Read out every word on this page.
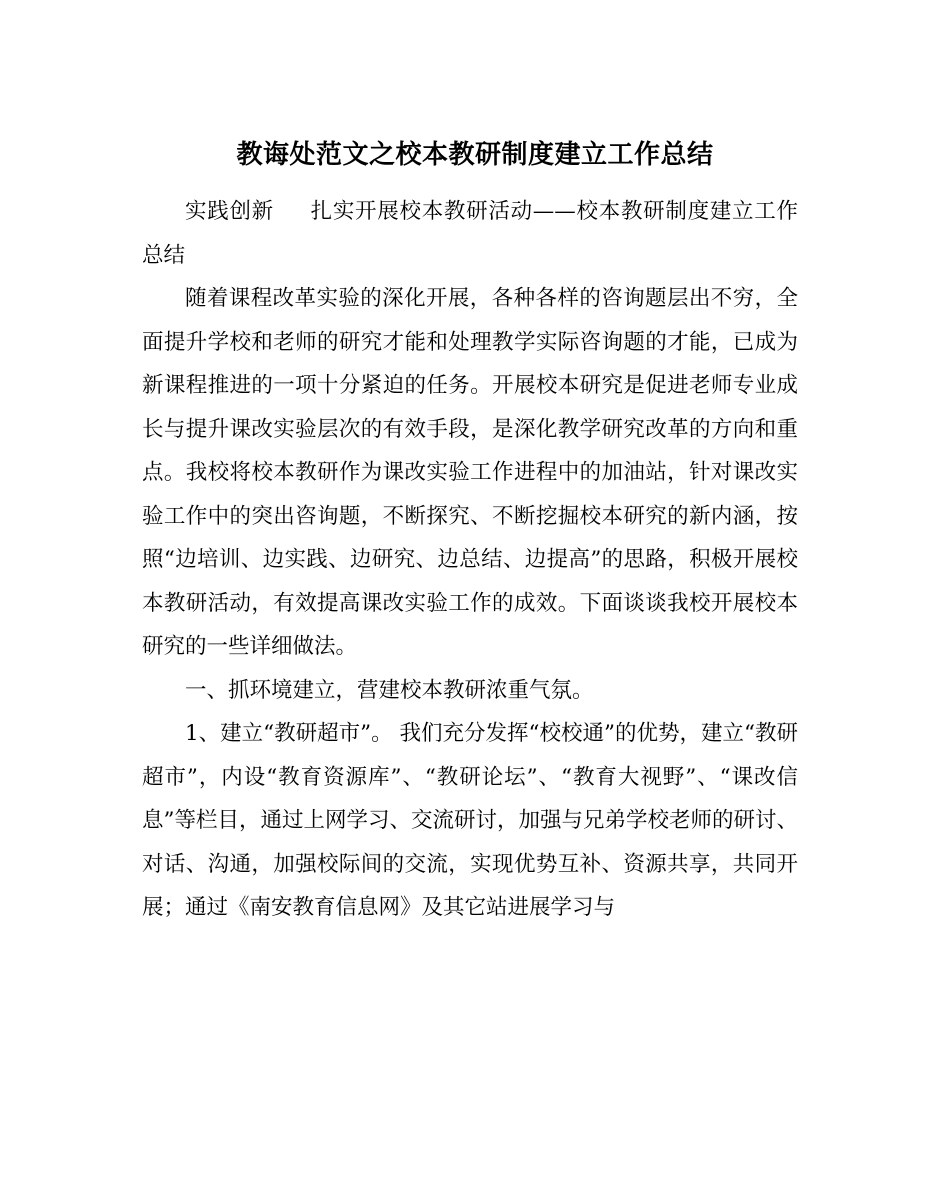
教诲处范文之校本教研制度建立工作总结

实践创新 扎实开展校本教研活动——校本教研制度建立工作总结

随着课程改革实验的深化开展，各种各样的咨询题层出不穷，全面提升学校和老师的研究才能和处理教学实际咨询题的才能，已成为新课程推进的一项十分紧迫的任务。开展校本研究是促进老师专业成长与提升课改实验层次的有效手段，是深化教学研究改革的方向和重点。我校将校本教研作为课改实验工作进程中的加油站，针对课改实验工作中的突出咨询题，不断探究、不断挖掘校本研究的新内涵，按照“边培训、边实践、边研究、边总结、边提高”的思路，积极开展校本教研活动，有效提高课改实验工作的成效。下面谈谈我校开展校本研究的一些详细做法。

一、抓环境建立，营建校本教研浓重气氛。

1、建立“教研超市”。 我们充分发挥“校校通”的优势，建立“教研超市”，内设“教育资源库”、“教研论坛”、“教育大视野”、“课改信息”等栏目，通过上网学习、交流研讨，加强与兄弟学校老师的研讨、对话、沟通，加强校际间的交流，实现优势互补、资源共享，共同开展；通过《南安教育信息网》及其它站进展学习与
